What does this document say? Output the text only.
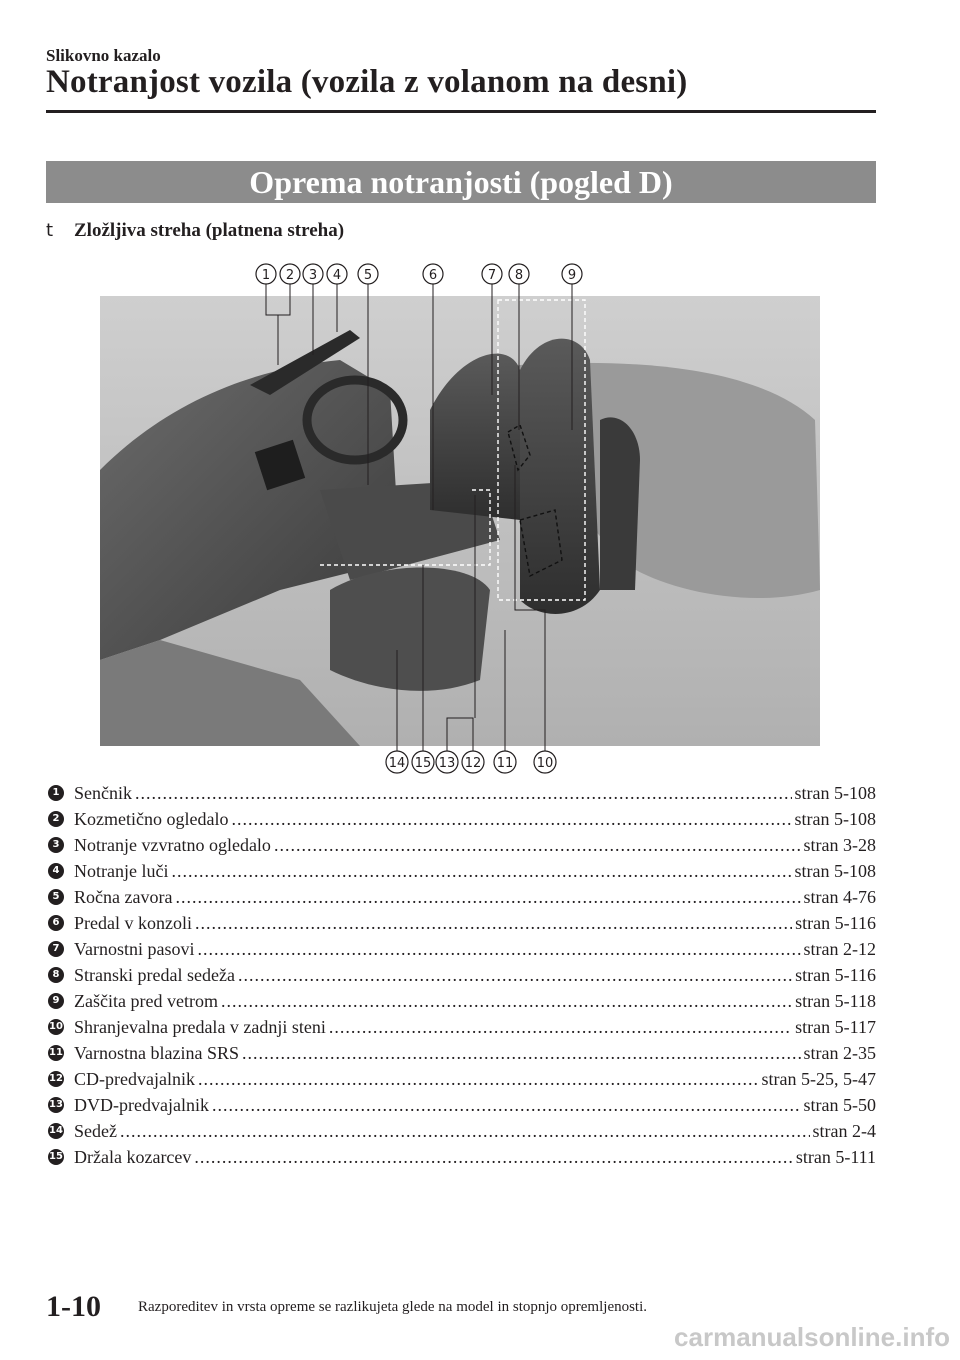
Slikovno kazalo
Notranjost vozila (vozila z volanom na desni)
Oprema notranjosti (pogled D)
t Zložljiva streha (platnena streha)
1 2 3 4 5	6	7 8	9
15
14	13 12 11 10
1 Senčnik .....	stran 5-108
2 Kozmetično ogledalo .....	stran 5-108
3 Notranje vzvratno ogledalo .....	stran 3-28
4 Notranje luči .....	stran 5-108
5 Ročna zavora .....	stran 4-76
6 Predal v konzoli .....	stran 5-116
7 Varnostni pasovi .....	stran 2-12
8 Stranski predal sedeža .....	stran 5-116
9 Zaščita pred vetrom .....	stran 5-118
10 Shranjevalna predala v zadnji steni .....	stran 5-117
11 Varnostna blazina SRS .....	stran 2-35
12 CD-predvajalnik .....	stran 5-25, 5-47
13 DVD-predvajalnik .....	stran 5-50
14 Sedež .....	stran 2-4
15 Držala kozarcev .....	stran 5-111
1-10 Razporeditev in vrsta opreme se razlikujeta glede na model in stopnjo opremljenosti.
carmanualsonline.info
